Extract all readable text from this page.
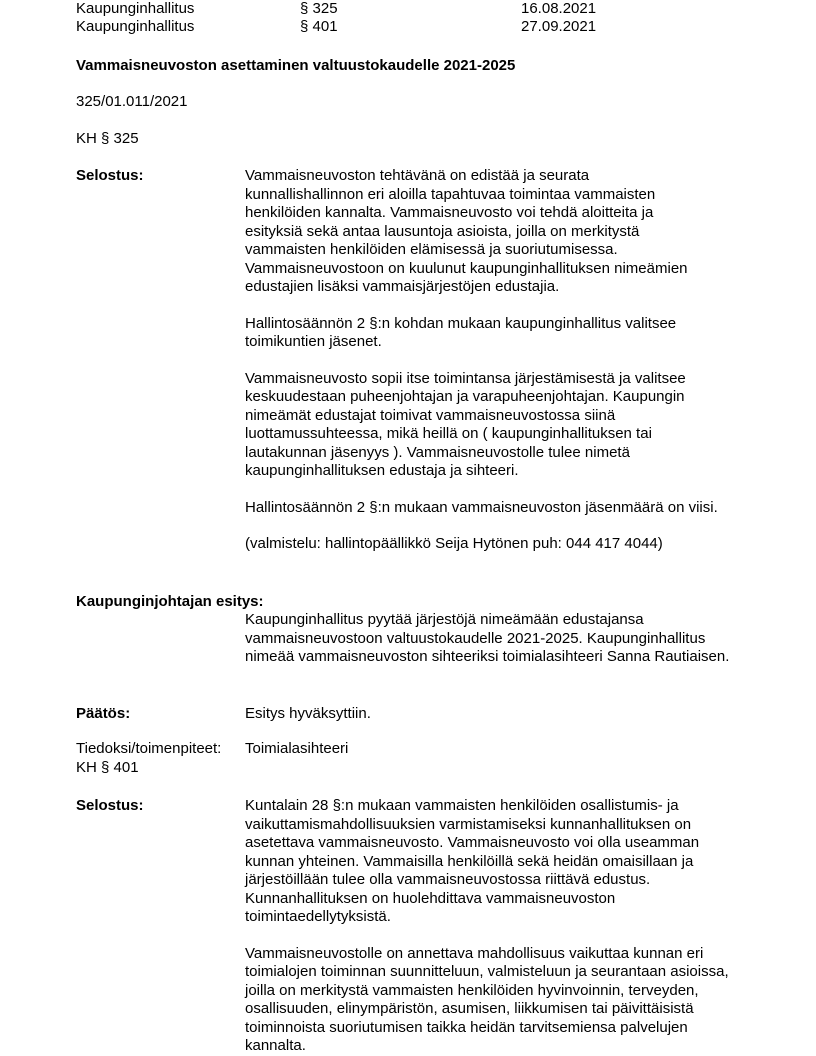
Kaupunginhallitus	§ 325	16.08.2021
Kaupunginhallitus	§ 401	27.09.2021
Vammaisneuvoston asettaminen valtuustokaudelle 2021-2025
325/01.011/2021
KH § 325
Selostus:	Vammaisneuvoston tehtävänä on edistää ja seurata kunnallishallinnon eri aloilla tapahtuvaa toimintaa vammaisten henkilöiden kannalta. Vammaisneuvosto voi tehdä aloitteita ja esityksiä sekä antaa lausuntoja asioista, joilla on merkitystä vammaisten henkilöiden elämisessä ja suoriutumisessa. Vammaisneuvostoon on kuulunut kaupunginhallituksen nimeämien edustajien lisäksi vammaisjärjestöjen edustajia.

Hallintosäännön 2 §:n kohdan mukaan kaupunginhallitus valitsee toimikuntien jäsenet.

Vammaisneuvosto sopii itse toimintansa järjestämisestä ja valitsee keskuudestaan puheenjohtajan ja varapuheenjohtajan. Kaupungin nimeämät edustajat toimivat vammaisneuvostossa siinä luottamussuhteessa, mikä heillä on ( kaupunginhallituksen tai lautakunnan jäsenyys ). Vammaisneuvostolle tulee nimetä kaupunginhallituksen edustaja ja sihteeri.

Hallintosäännön 2 §:n mukaan vammaisneuvoston jäsenmäärä on viisi.

(valmistelu: hallintopäällikkö Seija Hytönen puh: 044 417 4044)

Kaupunginjohtajan esitys:

Kaupunginhallitus pyytää järjestöjä nimeämään edustajansa vammaisneuvostoon valtuustokaudelle 2021-2025. Kaupunginhallitus nimeää vammaisneuvoston sihteeriksi toimialasihteeri Sanna Rautiaisen.

Päätös:	Esitys hyväksyttiin.
Tiedoksi/toimenpiteet:	Toimialasihteeri
KH § 401
Selostus:	Kuntalain 28 §:n mukaan vammaisten henkilöiden osallistumis- ja vaikuttamismahdollisuuksien varmistamiseksi kunnanhallituksen on asetettava vammaisneuvosto. Vammaisneuvosto voi olla useamman kunnan yhteinen. Vammaisilla henkilöillä sekä heidän omaisillaan ja järjestöillään tulee olla vammaisneuvostossa riittävä edustus. Kunnanhallituksen on huolehdittava vammaisneuvoston toimintaedellytyksistä.

Vammaisneuvostolle on annettava mahdollisuus vaikuttaa kunnan eri toimialojen toiminnan suunnitteluun, valmisteluun ja seurantaan asioissa, joilla on merkitystä vammaisten henkilöiden hyvinvoinnin, terveyden, osallisuuden, elinympäristön, asumisen, liikkumisen tai päivittäisistä toiminnoista suoriutumisen taikka heidän tarvitsemiensa palvelujen kannalta.
